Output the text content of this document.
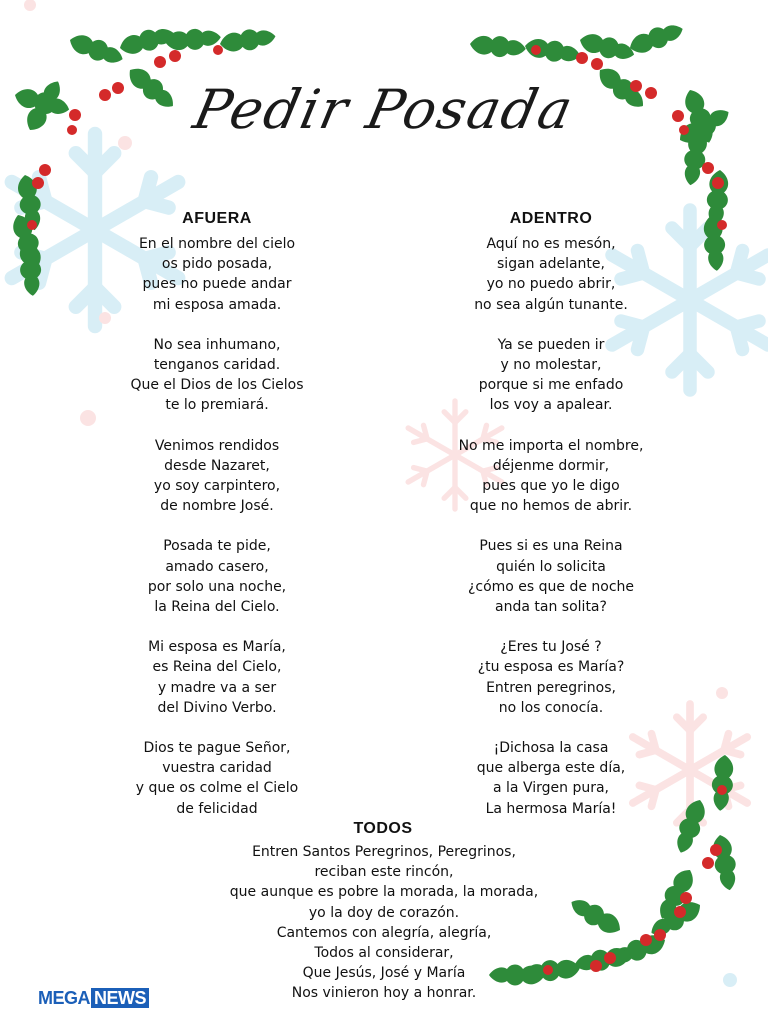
Pedir Posada
AFUERA
En el nombre del cielo
os pido posada,
pues no puede andar
mi esposa amada.
No sea inhumano,
tenganos caridad.
Que el Dios de los Cielos
te lo premiará.
Venimos rendidos
desde Nazaret,
yo soy carpintero,
de nombre José.
Posada te pide,
amado casero,
por solo una noche,
la Reina del Cielo.
Mi esposa es María,
es Reina del Cielo,
y madre va a ser
del Divino Verbo.
Dios te pague Señor,
vuestra caridad
y que os colme el Cielo
de felicidad
ADENTRO
Aquí no es mesón,
sigan adelante,
yo no puedo abrir,
no sea algún tunante.
Ya se pueden ir
y no molestar,
porque si me enfado
los voy a apalear.
No me importa el nombre,
déjenme dormir,
pues que yo le digo
que no hemos de abrir.
Pues si es una Reina
quién lo solicita
¿cómo es que de noche
anda tan solita?
¿Eres tu José ?
¿tu esposa es María?
Entren peregrinos,
no los conocía.
¡Dichosa la casa
que alberga este día,
a la Virgen pura,
La hermosa María!
TODOS
Entren Santos Peregrinos, Peregrinos,
reciban este rincón,
que aunque es pobre la morada, la morada,
yo la doy de corazón.
Cantemos con alegría, alegría,
Todos al considerar,
Que Jesús, José y María
Nos vinieron hoy a honrar.
MEGA NEWS
